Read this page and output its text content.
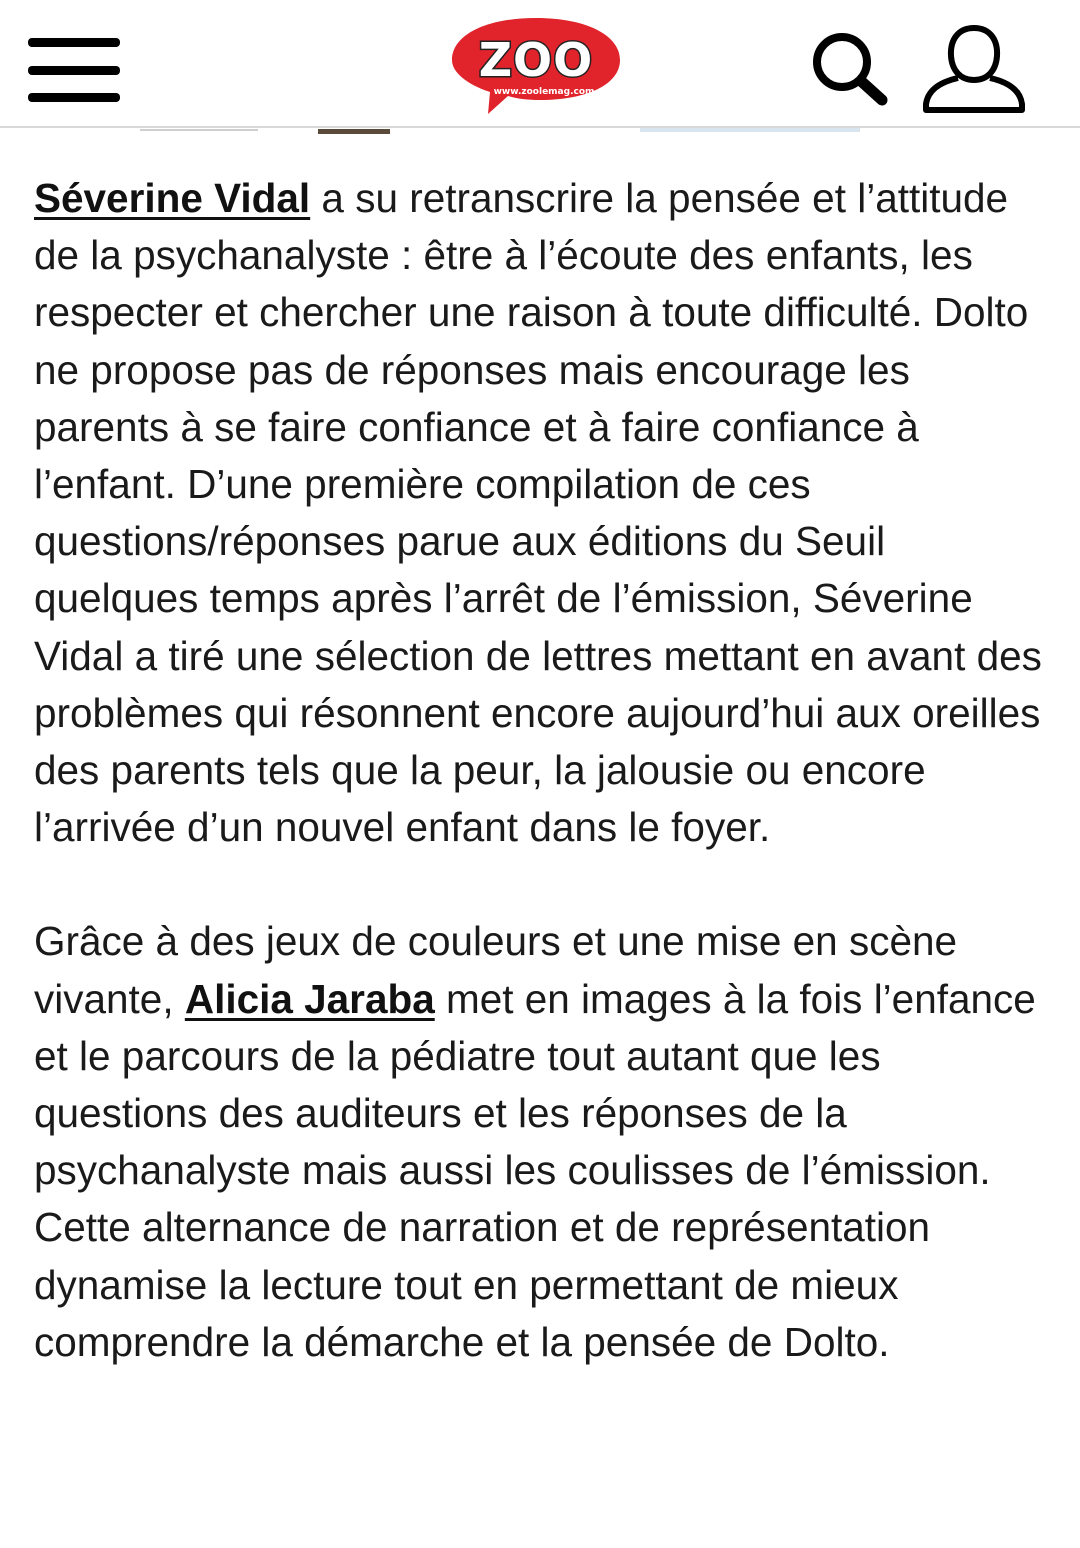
ZOO
www.zoolemag.com

Séverine Vidal a su retranscrire la pensée et l’attitude de la psychanalyste : être à l’écoute des enfants, les respecter et chercher une raison à toute difficulté. Dolto ne propose pas de réponses mais encourage les parents à se faire confiance et à faire confiance à l’enfant. D’une première compilation de ces questions/réponses parue aux éditions du Seuil quelques temps après l’arrêt de l’émission, Séverine Vidal a tiré une sélection de lettres mettant en avant des problèmes qui résonnent encore aujourd’hui aux oreilles des parents tels que la peur, la jalousie ou encore l’arrivée d’un nouvel enfant dans le foyer.

Grâce à des jeux de couleurs et une mise en scène vivante, Alicia Jaraba met en images à la fois l’enfance et le parcours de la pédiatre tout autant que les questions des auditeurs et les réponses de la psychanalyste mais aussi les coulisses de l’émission. Cette alternance de narration et de représentation dynamise la lecture tout en permettant de mieux comprendre la démarche et la pensée de Dolto.
